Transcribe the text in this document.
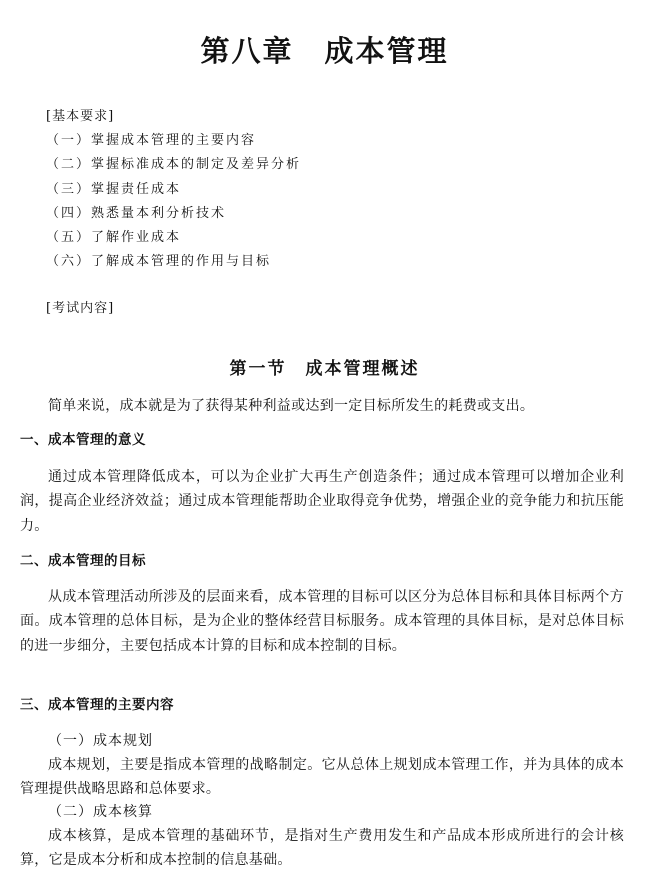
第八章　成本管理
[基本要求]
（一）掌握成本管理的主要内容
（二）掌握标准成本的制定及差异分析
（三）掌握责任成本
（四）熟悉量本利分析技术
（五）了解作业成本
（六）了解成本管理的作用与目标
[考试内容]
第一节　成本管理概述

简单来说，成本就是为了获得某种利益或达到一定目标所发生的耗费或支出。

一、成本管理的意义

通过成本管理降低成本，可以为企业扩大再生产创造条件；通过成本管理可以增加企业利润，提高企业经济效益；通过成本管理能帮助企业取得竞争优势，增强企业的竞争能力和抗压能力。

二、成本管理的目标

从成本管理活动所涉及的层面来看，成本管理的目标可以区分为总体目标和具体目标两个方面。成本管理的总体目标，是为企业的整体经营目标服务。成本管理的具体目标，是对总体目标的进一步细分，主要包括成本计算的目标和成本控制的目标。

三、成本管理的主要内容
（一）成本规划

成本规划，主要是指成本管理的战略制定。它从总体上规划成本管理工作，并为具体的成本管理提供战略思路和总体要求。

（二）成本核算

成本核算，是成本管理的基础环节，是指对生产费用发生和产品成本形成所进行的会计核算，它是成本分析和成本控制的信息基础。
